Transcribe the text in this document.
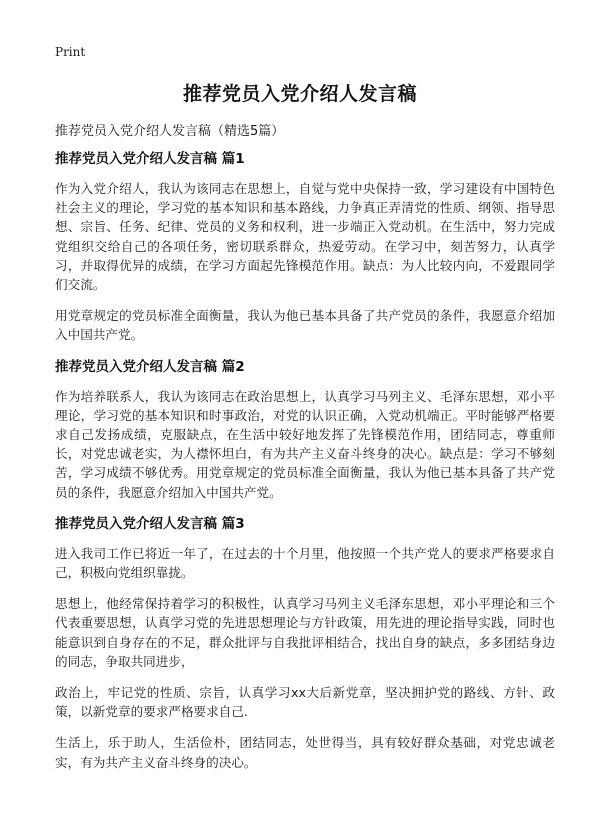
Print
推荐党员入党介绍人发言稿

推荐党员入党介绍人发言稿（精选5篇）

推荐党员入党介绍人发言稿 篇1

作为入党介绍人，我认为该同志在思想上，自觉与党中央保持一致，学习建设有中国特色社会主义的理论，学习党的基本知识和基本路线，力争真正弄清党的性质、纲领、指导思想、宗旨、任务、纪律、党员的义务和权利，进一步端正入党动机。在生活中，努力完成党组织交给自己的各项任务，密切联系群众，热爱劳动。在学习中，刻苦努力，认真学习，并取得优异的成绩，在学习方面起先锋模范作用。缺点：为人比较内向，不爱跟同学们交流。

用党章规定的党员标准全面衡量，我认为他已基本具备了共产党员的条件，我愿意介绍加入中国共产党。

推荐党员入党介绍人发言稿 篇2

作为培养联系人，我认为该同志在政治思想上，认真学习马列主义、毛泽东思想，邓小平理论，学习党的基本知识和时事政治，对党的认识正确，入党动机端正。平时能够严格要求自己发扬成绩，克服缺点，在生活中较好地发挥了先锋模范作用，团结同志，尊重师长，对党忠诚老实，为人襟怀坦白，有为共产主义奋斗终身的决心。缺点是：学习不够刻苦，学习成绩不够优秀。用党章规定的党员标准全面衡量，我认为他已基本具备了共产党员的条件，我愿意介绍加入中国共产党。

推荐党员入党介绍人发言稿 篇3

进入我司工作已将近一年了，在过去的十个月里，他按照一个共产党人的要求严格要求自己，积极向党组织靠拢。

思想上，他经常保持着学习的积极性，认真学习马列主义毛泽东思想，邓小平理论和三个代表重要思想，认真学习党的先进思想理论与方针政策，用先进的理论指导实践，同时也能意识到自身存在的不足，群众批评与自我批评相结合，找出自身的缺点，多多团结身边的同志，争取共同进步，

政治上，牢记党的性质、宗旨，认真学习xx大后新党章，坚决拥护党的路线、方针、政策，以新党章的要求严格要求自己.

生活上，乐于助人，生活俭朴，团结同志，处世得当，具有较好群众基础，对党忠诚老实，有为共产主义奋斗终身的决心。
